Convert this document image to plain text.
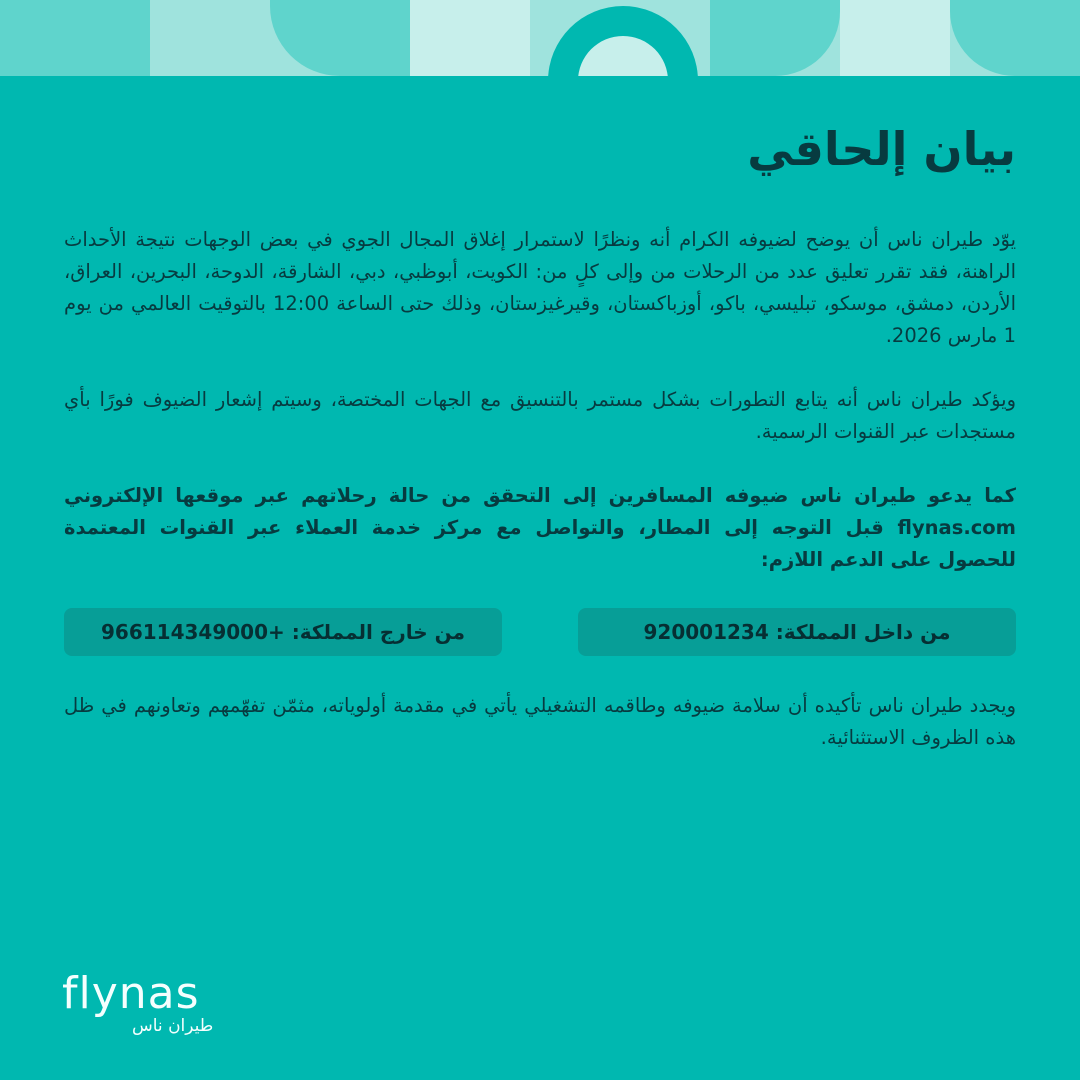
بيان إلحاقي

يوّد طيران ناس أن يوضح لضيوفه الكرام أنه ونظرًا لاستمرار إغلاق المجال الجوي في بعض الوجهات نتيجة الأحداث الراهنة، فقد تقرر تعليق عدد من الرحلات من وإلى كلٍ من: الكويت، أبوظبي، دبي، الشارقة، الدوحة، البحرين، العراق، الأردن، دمشق، موسكو، تبليسي، باكو، أوزباكستان، وقيرغيزستان، وذلك حتى الساعة 12:00 بالتوقيت العالمي من يوم 1 مارس 2026.

ويؤكد طيران ناس أنه يتابع التطورات بشكل مستمر بالتنسيق مع الجهات المختصة، وسيتم إشعار الضيوف فورًا بأي مستجدات عبر القنوات الرسمية.

كما يدعو طيران ناس ضيوفه المسافرين إلى التحقق من حالة رحلاتهم عبر موقعها الإلكتروني flynas.com قبل التوجه إلى المطار، والتواصل مع مركز خدمة العملاء عبر القنوات المعتمدة للحصول على الدعم اللازم:

من داخل المملكة: 920001234
من خارج المملكة: +966114349000

ويجدد طيران ناس تأكيده أن سلامة ضيوفه وطاقمه التشغيلي يأتي في مقدمة أولوياته، مثمّن تفهّمهم وتعاونهم في ظل هذه الظروف الاستثنائية.

flynas
طيران ناس
